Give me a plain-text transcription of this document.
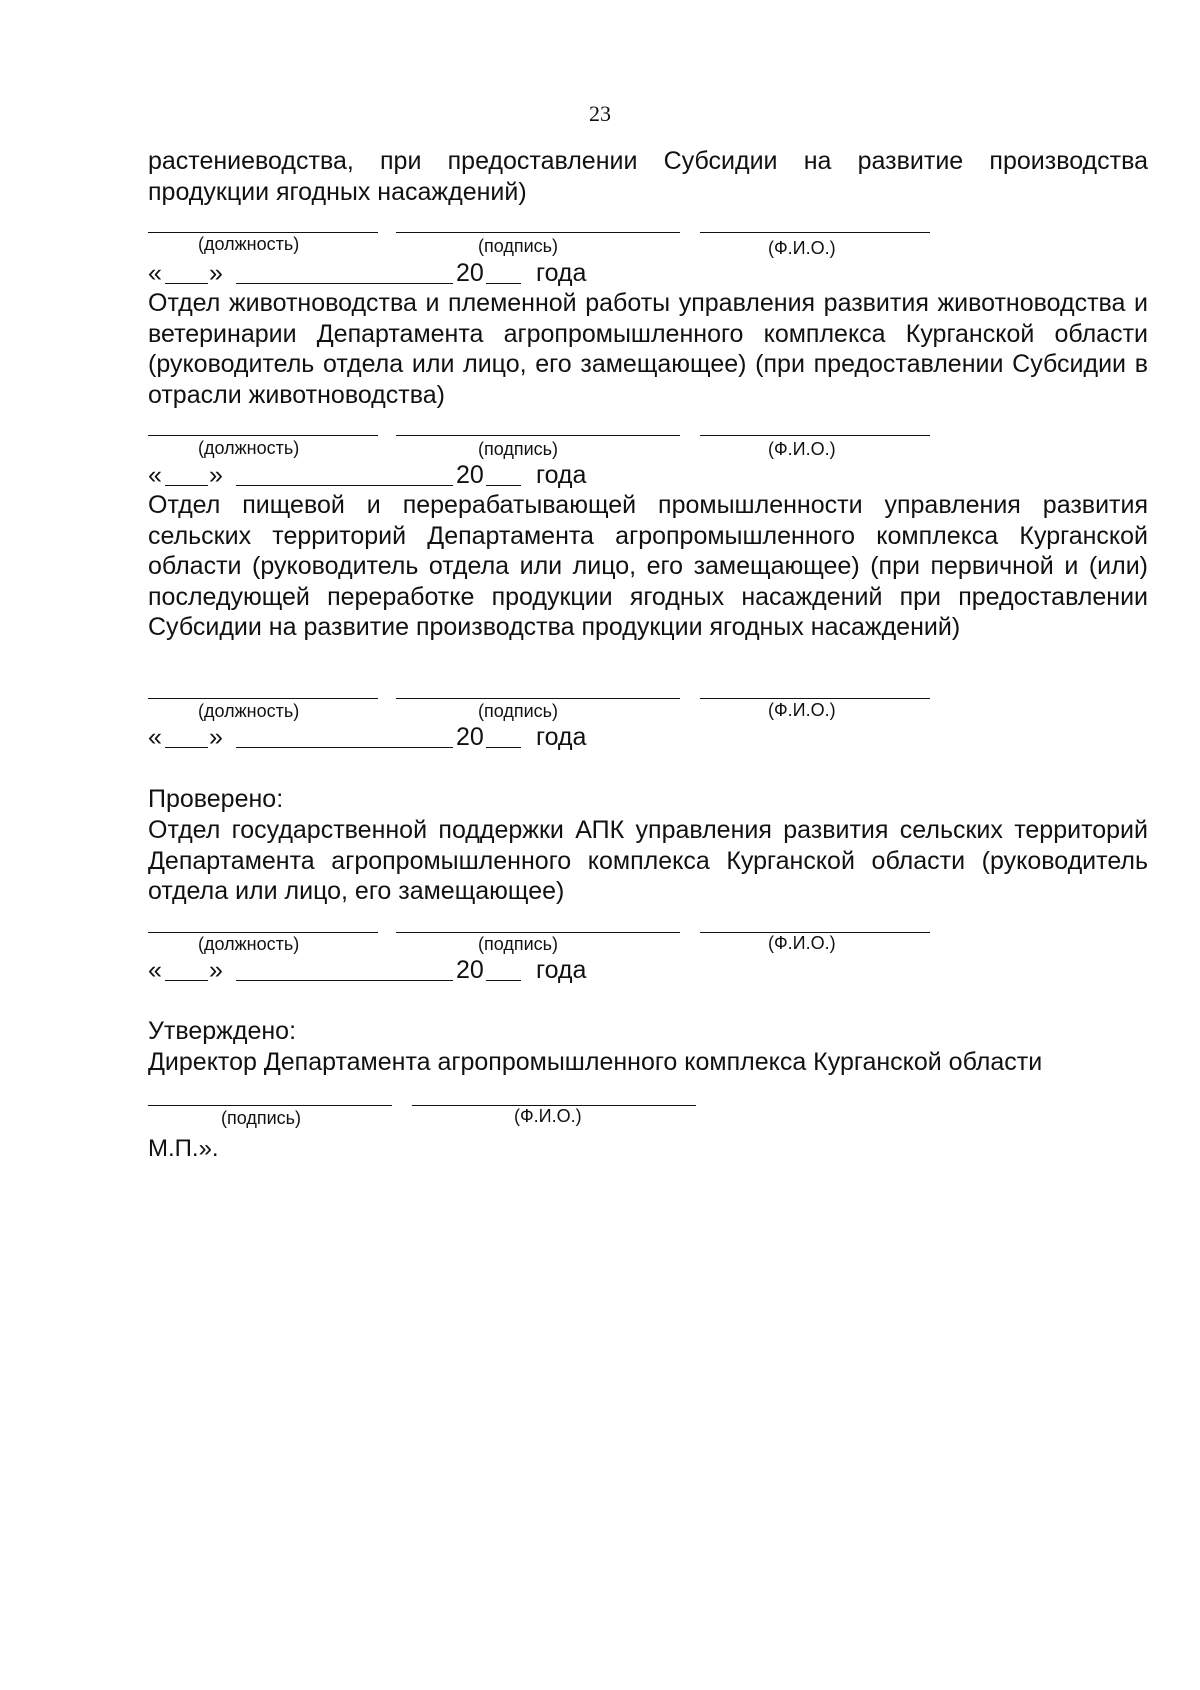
23

растениеводства, при предоставлении Субсидии на развитие производства продукции ягодных насаждений)

(должность)	(подпись)	(Ф.И.О.)
« »	20 года

Отдел животноводства и племенной работы управления развития животноводства и ветеринарии Департамента агропромышленного комплекса Курганской области (руководитель отдела или лицо, его замещающее) (при предоставлении Субсидии в отрасли животноводства)

(должность)	(подпись)	(Ф.И.О.)
« »	20 года

Отдел пищевой и перерабатывающей промышленности управления развития сельских территорий Департамента агропромышленного комплекса Курганской области (руководитель отдела или лицо, его замещающее) (при первичной и (или) последующей переработке продукции ягодных насаждений при предоставлении Субсидии на развитие производства продукции ягодных насаждений)

(должность)	(подпись)	(Ф.И.О.)
« »	20 года

Проверено:

Отдел государственной поддержки АПК управления развития сельских территорий Департамента агропромышленного комплекса Курганской области (руководитель отдела или лицо, его замещающее)

(должность)	(подпись)	(Ф.И.О.)
« »	20 года

Утверждено:

Директор Департамента агропромышленного комплекса Курганской области

(подпись)	(Ф.И.О.)
М.П.».
